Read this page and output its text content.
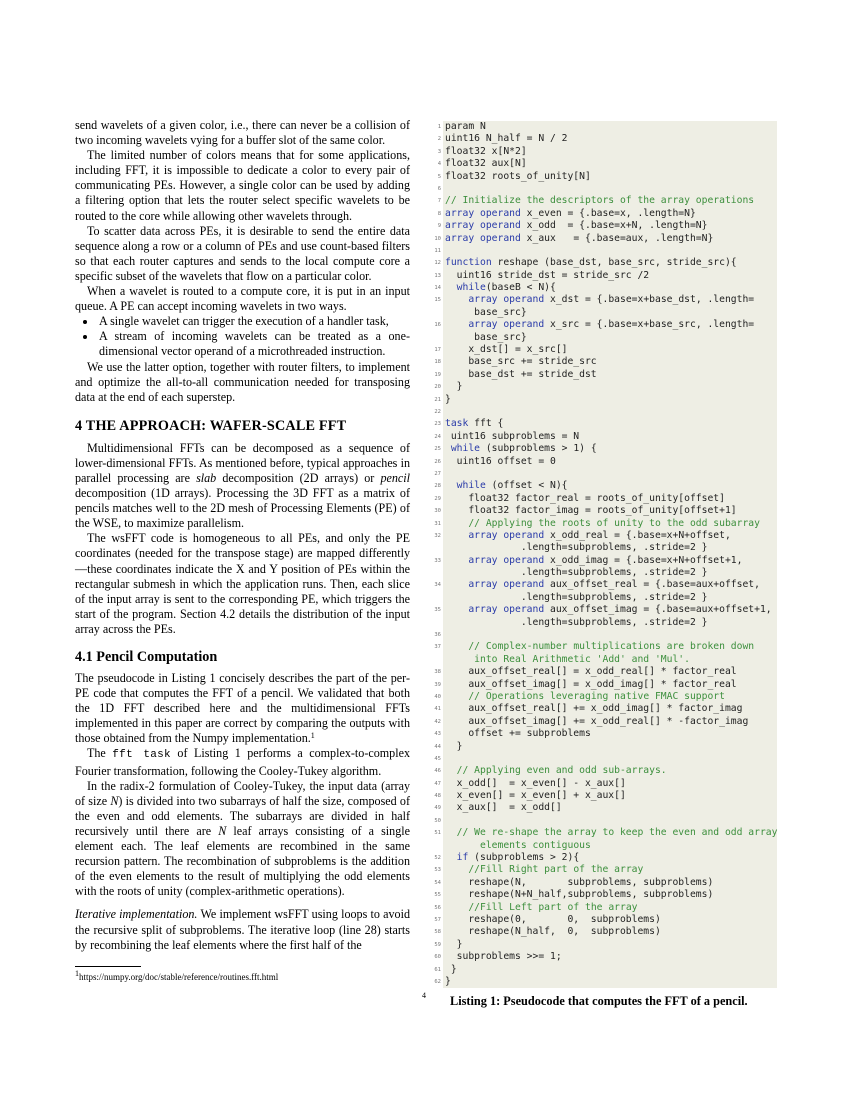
send wavelets of a given color, i.e., there can never be a collision of two incoming wavelets vying for a buffer slot of the same color.

The limited number of colors means that for some applications, including FFT, it is impossible to dedicate a color to every pair of communicating PEs. However, a single color can be used by adding a filtering option that lets the router select specific wavelets to be routed to the core while allowing other wavelets through.

To scatter data across PEs, it is desirable to send the entire data sequence along a row or a column of PEs and use count-based filters so that each router captures and sends to the local compute core a specific subset of the wavelets that flow on a particular color.

When a wavelet is routed to a compute core, it is put in an input queue. A PE can accept incoming wavelets in two ways.

• A single wavelet can trigger the execution of a handler task,
• A stream of incoming wavelets can be treated as a one-dimensional vector operand of a microthreaded instruction.

We use the latter option, together with router filters, to implement and optimize the all-to-all communication needed for transposing data at the end of each superstep.

4 THE APPROACH: WAFER-SCALE FFT

Multidimensional FFTs can be decomposed as a sequence of lower-dimensional FFTs. As mentioned before, typical approaches in parallel processing are slab decomposition (2D arrays) or pencil decomposition (1D arrays). Processing the 3D FFT as a matrix of pencils matches well to the 2D mesh of Processing Elements (PE) of the WSE, to maximize parallelism.

The wsFFT code is homogeneous to all PEs, and only the PE coordinates (needed for the transpose stage) are mapped differently—these coordinates indicate the X and Y position of PEs within the rectangular submesh in which the application runs. Then, each slice of the input array is sent to the corresponding PE, which triggers the start of the program. Section 4.2 details the distribution of the input array across the PEs.

4.1 Pencil Computation

The pseudocode in Listing 1 concisely describes the part of the per-PE code that computes the FFT of a pencil. We validated that both the 1D FFT described here and the multidimensional FFTs implemented in this paper are correct by comparing the outputs with those obtained from the Numpy implementation.$^1$

The fft task of Listing 1 performs a complex-to-complex Fourier transformation, following the Cooley-Tukey algorithm.

In the radix-2 formulation of Cooley-Tukey, the input data (array of size N) is divided into two subarrays of half the size, composed of the even and odd elements. The subarrays are divided in half recursively until there are N leaf arrays consisting of a single element each. The leaf elements are recombined in the same recursion pattern. The recombination of subproblems is the addition of the even elements to the result of multiplying the odd elements with the roots of unity (complex-arithmetic operations).

Iterative implementation. We implement wsFFT using loops to avoid the recursive split of subproblems. The iterative loop (line 28) starts by recombining the leaf elements where the first half of the

$^1$https://numpy.org/doc/stable/reference/routines.fft.html
1 param N
2 uint16 N_half = N / 2
3 float32 x[N*2]
4 float32 aux[N]
5 float32 roots_of_unity[N]
6
7 // Initialize the descriptors of the array operations
8 array operand x_even = {.base=x, .length=N}
9 array operand x_odd  = {.base=x+N, .length=N}
10 array operand x_aux   = {.base=aux, .length=N}
11
12 function reshape (base_dst, base_src, stride_src){
13 uint16 stride_dst = stride_src /2
14	while(baseB < N){
15	array operand x_dst = {.base=x+base_dst, .length=
base_src}
16	array operand x_src = {.base=x+base_src, .length=
base_src}
17 x_dst[] = x_src[]
18 base_src += stride_src
19 base_dst += stride_dst
20 }
21 }
22
23 task fft {
24 uint16 subproblems = N
25	while (subproblems > 1) {
26 uint16 offset = 0
27
28	while (offset < N){
29 float32 factor_real = roots_of_unity[offset]
30 float32 factor_imag = roots_of_unity[offset+1]
31	// Applying the roots of unity to the odd subarray
32	array operand x_odd_real = {.base=x+N+offset,
.length=subproblems, .stride=2 }
33	array operand x_odd_imag = {.base=x+N+offset+1,
.length=subproblems, .stride=2 }
34	array operand aux_offset_real = {.base=aux+offset,
.length=subproblems, .stride=2 }
35	array operand aux_offset_imag = {.base=aux+offset+1,
.length=subproblems, .stride=2 }
36
37	// Complex-number multiplications are broken down
into Real Arithmetic 'Add' and 'Mul'.
38 aux_offset_real[] = x_odd_real[] * factor_real
39 aux_offset_imag[] = x_odd_imag[] * factor_real
40	// Operations leveraging native FMAC support
41 aux_offset_real[] += x_odd_imag[] * factor_imag
42 aux_offset_imag[] += x_odd_real[] * -factor_imag
43 offset += subproblems
44 }
45
46	// Applying even and odd sub-arrays.
47 x_odd[]  = x_even[] - x_aux[]
48 x_even[] = x_even[] + x_aux[]
49 x_aux[]  = x_odd[]
50
51	// We re-shape the array to keep the even and odd array
elements contiguous
52	if (subproblems > 2){
53	//Fill Right part of the array
54 reshape(N,       subproblems, subproblems)
55 reshape(N+N_half,subproblems, subproblems)
56	//Fill Left part of the array
57 reshape(0,       0,  subproblems)
58 reshape(N_half,  0,  subproblems)
59 }
60 subproblems >>= 1;
61 }
62 }
4 Listing 1: Pseudocode that computes the FFT of a pencil.
